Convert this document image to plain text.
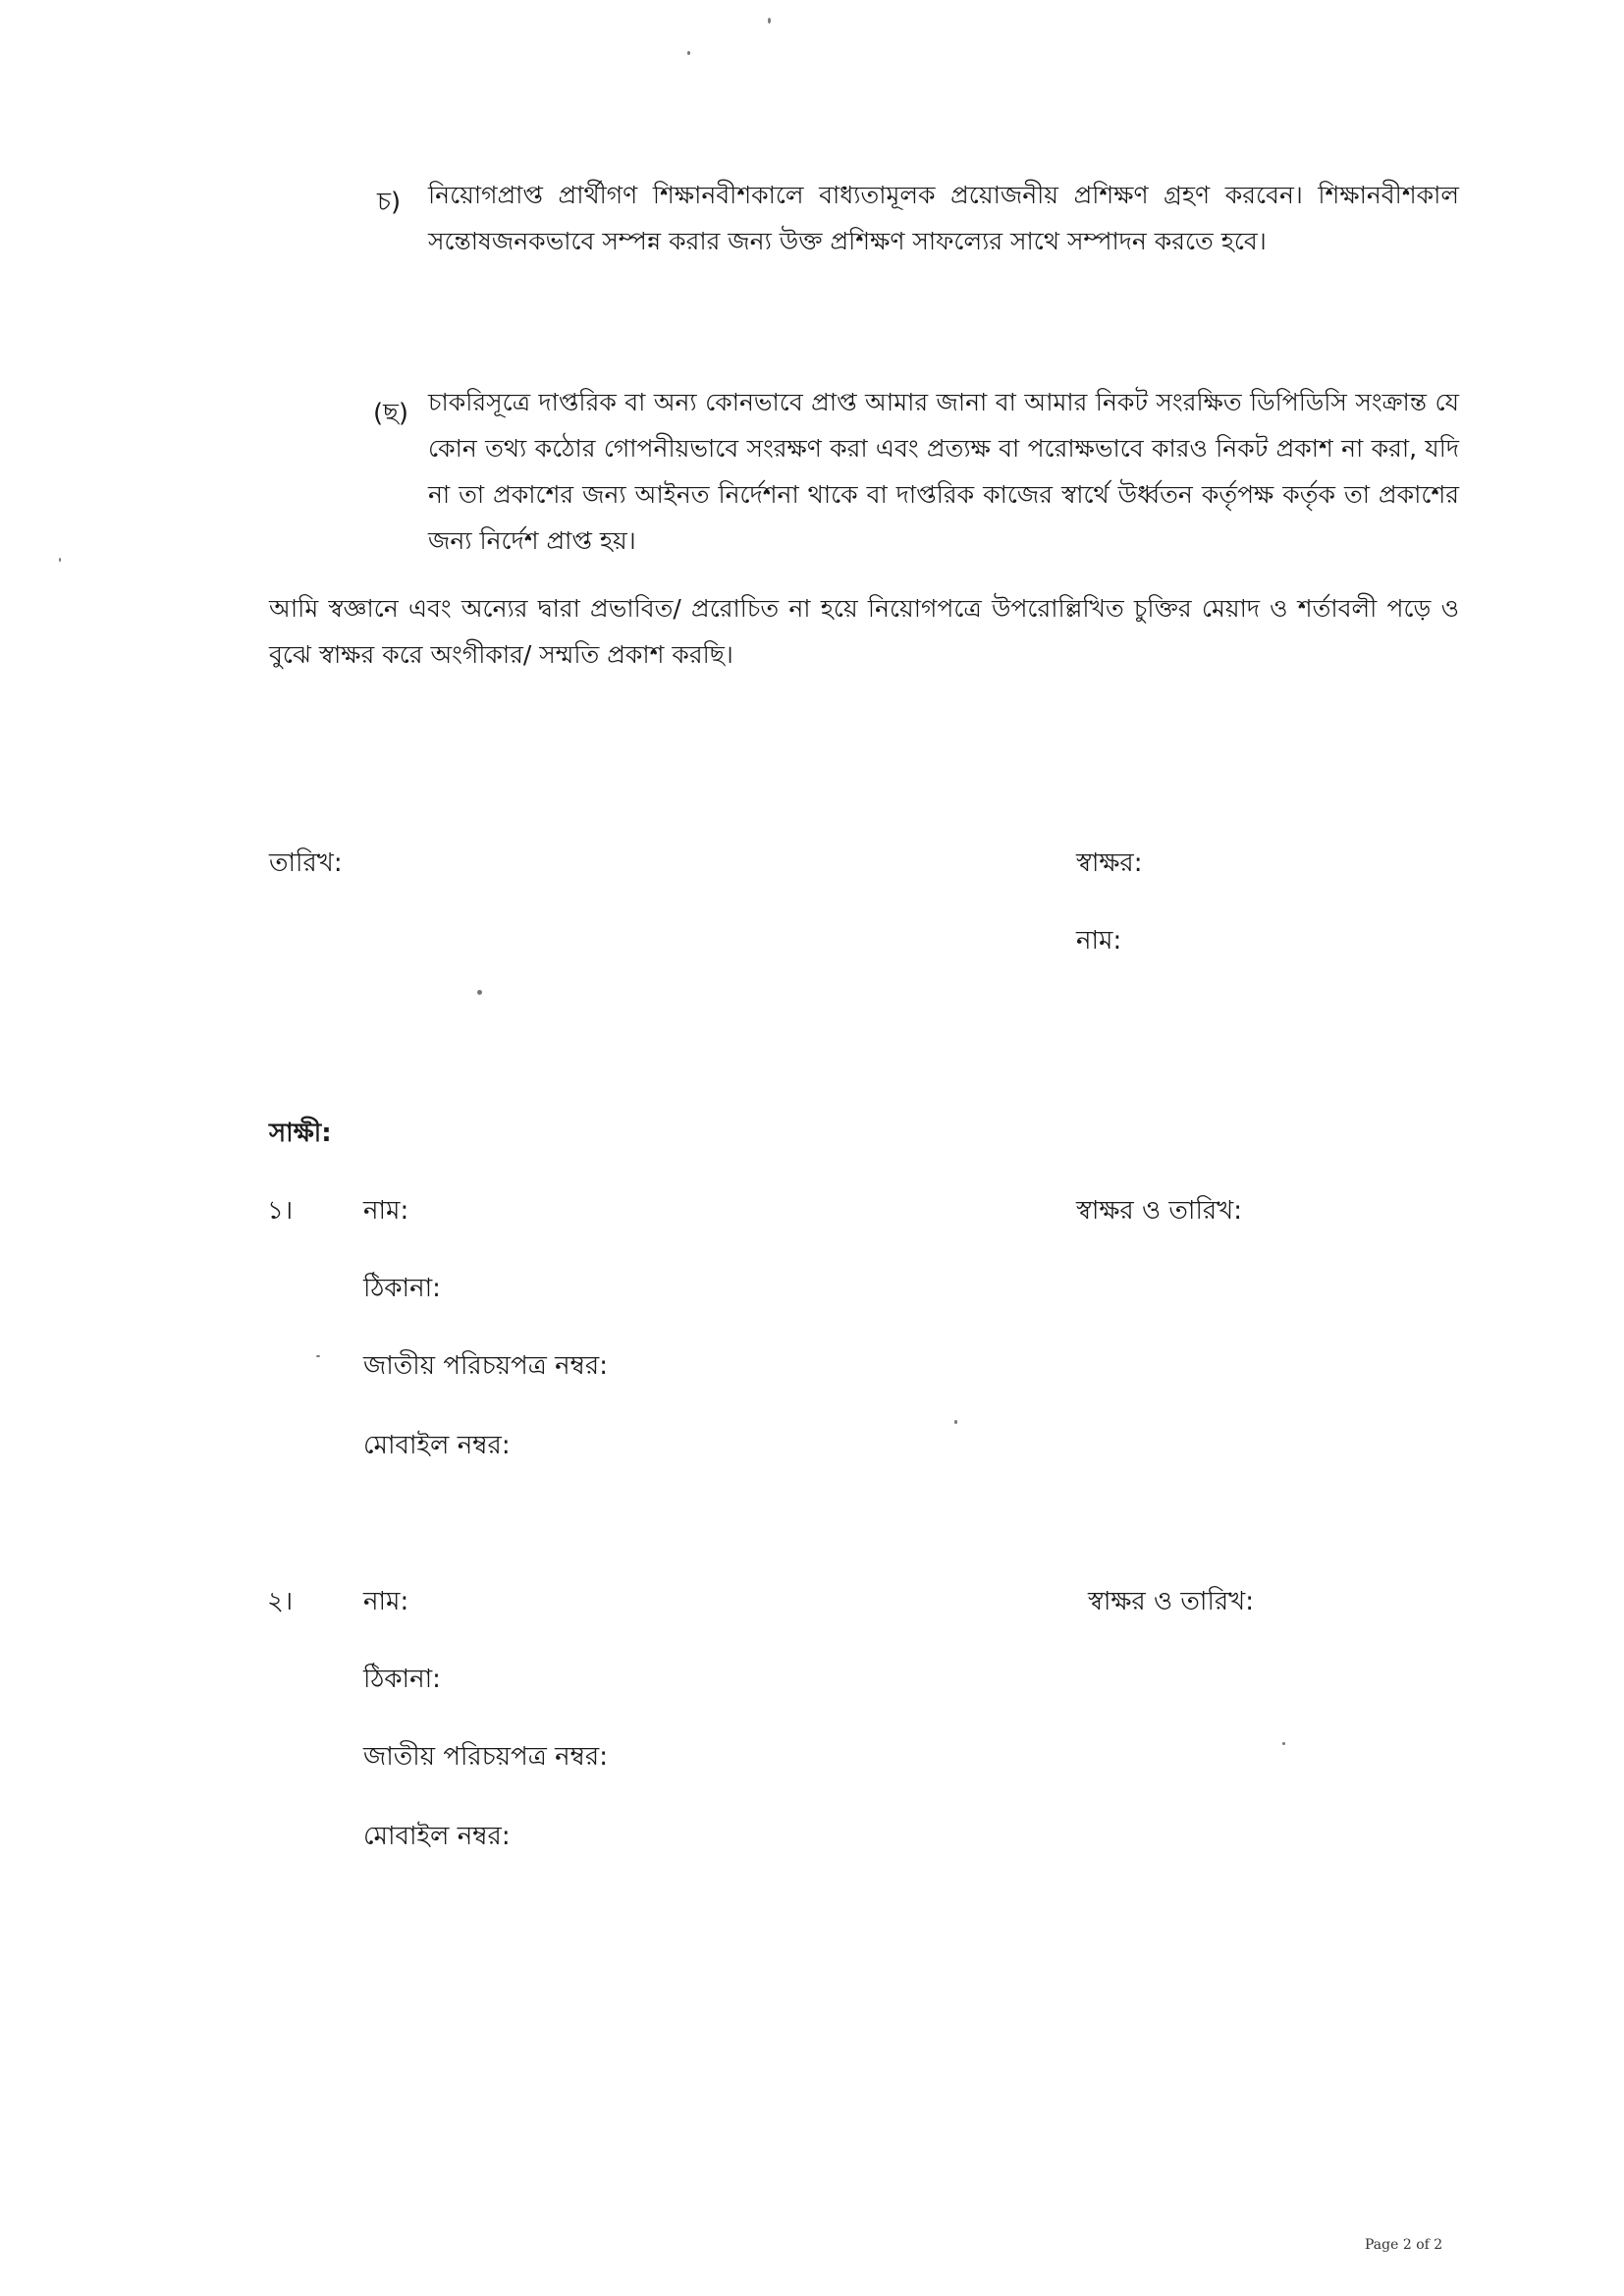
চ) নিয়োগপ্রাপ্ত প্রার্থীগণ শিক্ষানবীশকালে বাধ্যতামূলক প্রয়োজনীয় প্রশিক্ষণ গ্রহণ করবেন। শিক্ষানবীশকাল সন্তোষজনকভাবে সম্পন্ন করার জন্য উক্ত প্রশিক্ষণ সাফল্যের সাথে সম্পাদন করতে হবে।
(ছ) চাকরিসূত্রে দাপ্তরিক বা অন্য কোনভাবে প্রাপ্ত আমার জানা বা আমার নিকট সংরক্ষিত ডিপিডিসি সংক্রান্ত যে কোন তথ্য কঠোর গোপনীয়ভাবে সংরক্ষণ করা এবং প্রত্যক্ষ বা পরোক্ষভাবে কারও নিকট প্রকাশ না করা, যদি না তা প্রকাশের জন্য আইনত নির্দেশনা থাকে বা দাপ্তরিক কাজের স্বার্থে উর্ধ্বতন কর্তৃপক্ষ কর্তৃক তা প্রকাশের জন্য নির্দেশ প্রাপ্ত হয়।
আমি স্বজ্ঞানে এবং অন্যের দ্বারা প্রভাবিত/ প্ররোচিত না হয়ে নিয়োগপত্রে উপরোল্লিখিত চুক্তির মেয়াদ ও শর্তাবলী পড়ে ও বুঝে স্বাক্ষর করে অংগীকার/ সম্মতি প্রকাশ করছি।
তারিখ:	স্বাক্ষর:
নাম:
সাক্ষী:
১।	নাম:	স্বাক্ষর ও তারিখ:
ঠিকানা:
জাতীয় পরিচয়পত্র নম্বর:
মোবাইল নম্বর:
২।	নাম:	স্বাক্ষর ও তারিখ:
ঠিকানা:
জাতীয় পরিচয়পত্র নম্বর:
মোবাইল নম্বর:
Page 2 of 2
